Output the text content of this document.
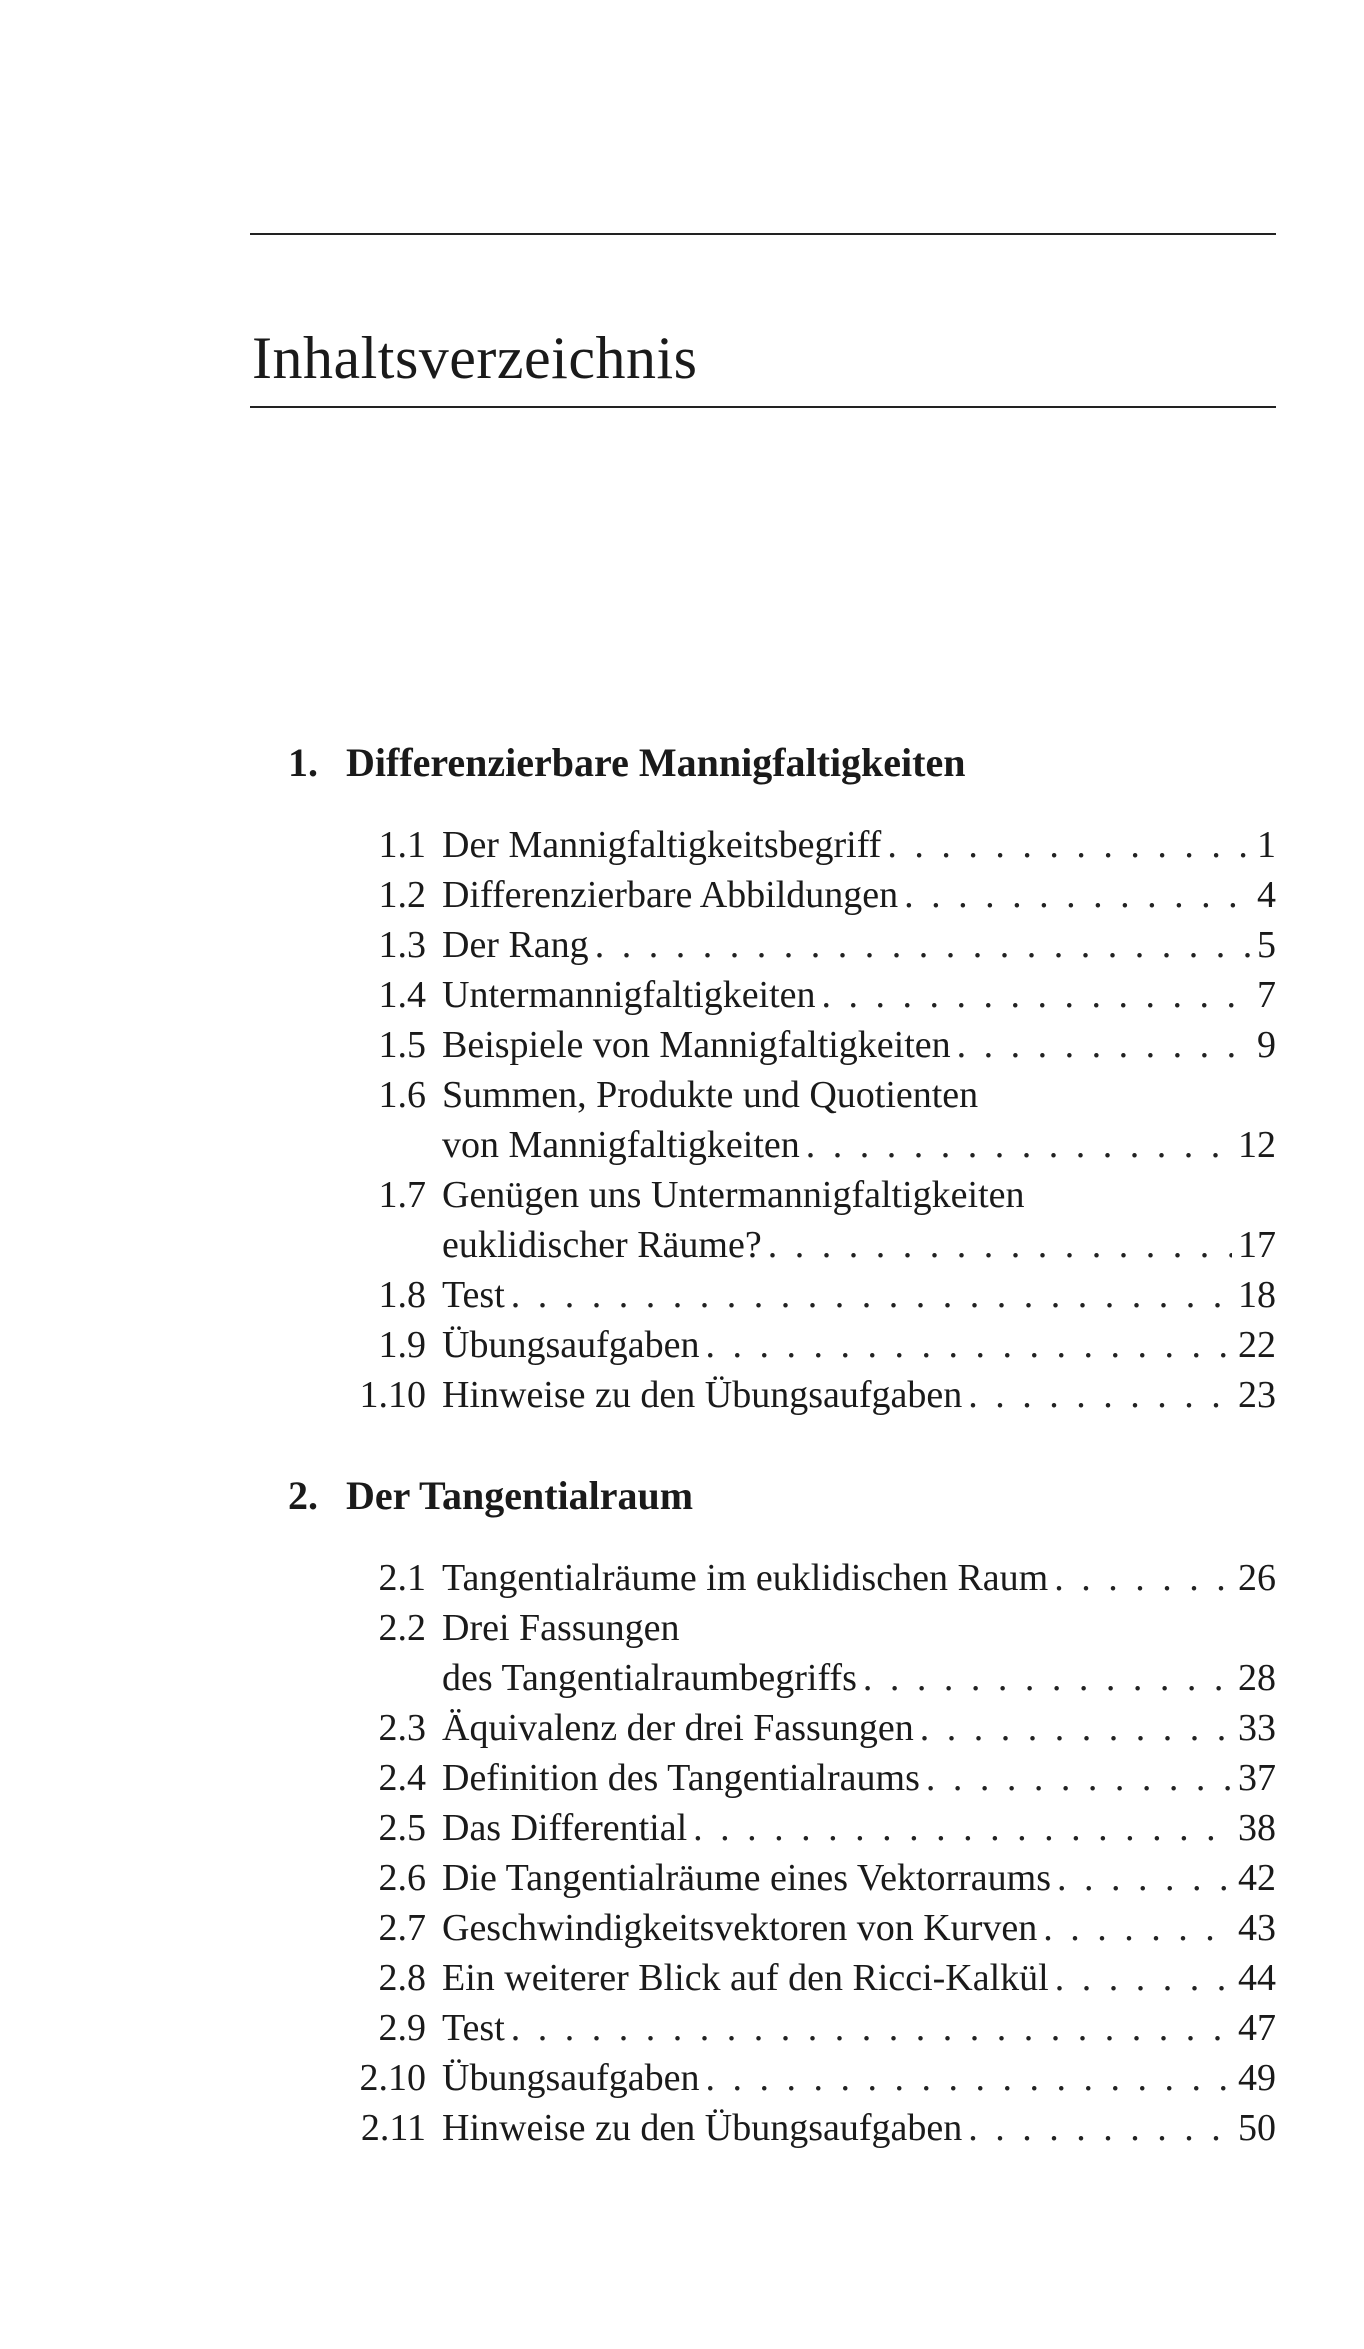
Inhaltsverzeichnis
1. Differenzierbare Mannigfaltigkeiten
1.1 Der Mannigfaltigkeitsbegriff . . .	1
1.2 Differenzierbare Abbildungen . . .	4
1.3 Der Rang . . .	5
1.4 Untermannigfaltigkeiten . . .	7
1.5 Beispiele von Mannigfaltigkeiten . . .	9
1.6 Summen, Produkte und Quotienten
von Mannigfaltigkeiten . . .	12
1.7 Genügen uns Untermannigfaltigkeiten
euklidischer Räume? . . .	17
1.8 Test . . .	18
1.9 Übungsaufgaben . . .	22
1.10 Hinweise zu den Übungsaufgaben . . .	23
2. Der Tangentialraum
2.1 Tangentialräume im euklidischen Raum . . .	26
2.2 Drei Fassungen
des Tangentialraumbegriffs . . .	28
2.3 Äquivalenz der drei Fassungen . . .	33
2.4 Definition des Tangentialraums . . .	37
2.5 Das Differential . . .	38
2.6 Die Tangentialräume eines Vektorraums . . .	42
2.7 Geschwindigkeitsvektoren von Kurven . . .	43
2.8 Ein weiterer Blick auf den Ricci-Kalkül . . .	44
2.9 Test . . .	47
2.10 Übungsaufgaben . . .	49
2.11 Hinweise zu den Übungsaufgaben . . .	50
